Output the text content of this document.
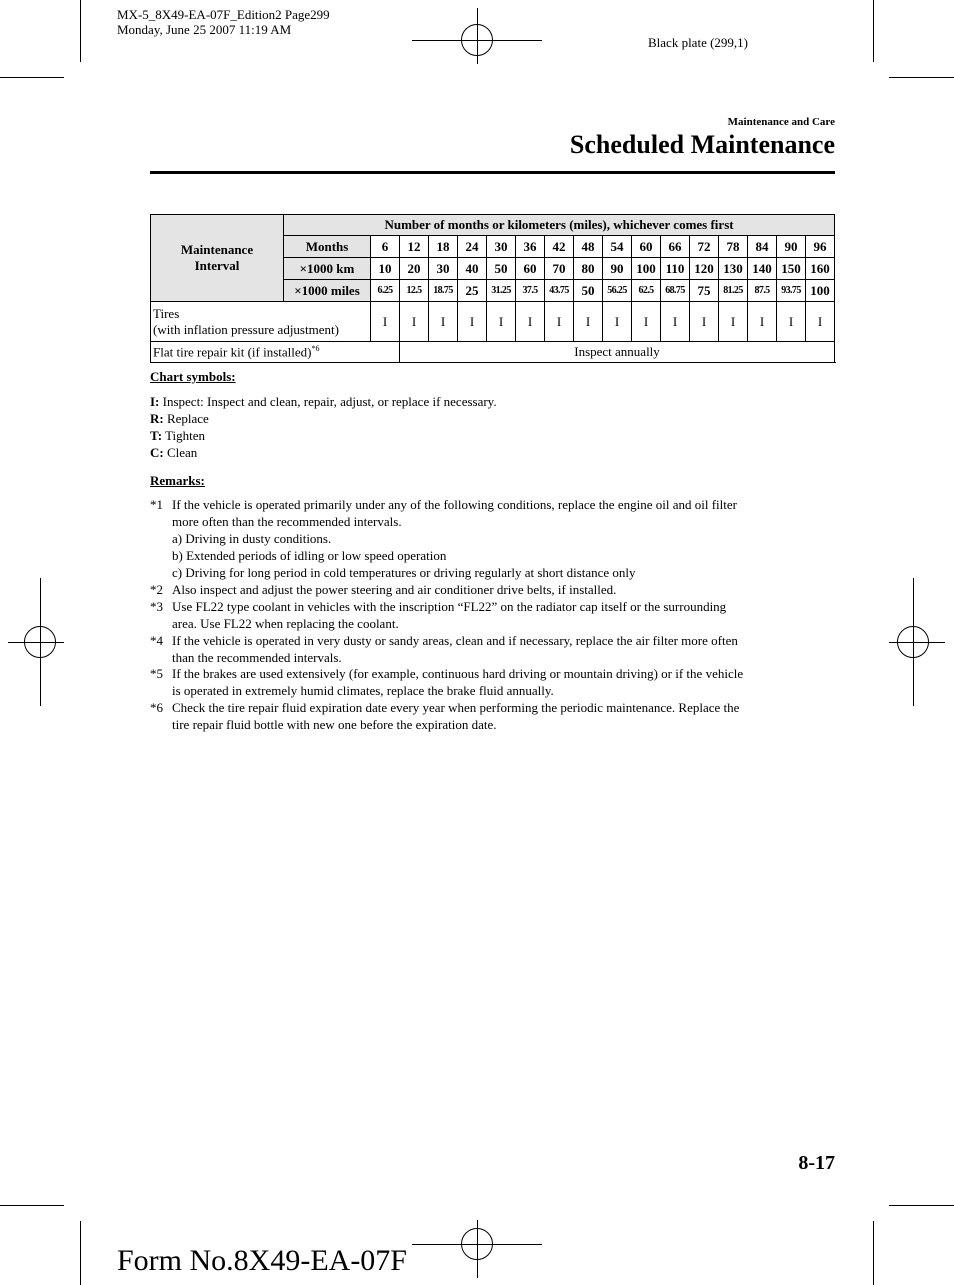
MX-5_8X49-EA-07F_Edition2 Page299
Monday, June 25 2007 11:19 AM
Black plate (299,1)
Maintenance and Care
Scheduled Maintenance
Maintenance Interval	Number of months or kilometers (miles), whichever comes first																
	Months	6	12	18	24	30	36	42	48	54	60	66	72	78	84	90	96
	×1000 km	10	20	30	40	50	60	70	80	90	100	110	120	130	140	150	160
	×1000 miles	6.25	12.5	18.75	25	31.25	37.5	43.75	50	56.25	62.5	68.75	75	81.25	87.5	93.75	100

Tires
(with inflation pressure adjustment)		I	I	I	I	I	I	I	I	I	I	I	I	I	I	I	I
Flat tire repair kit (if installed)$^{*6}$			Inspect annually														
Chart symbols:
I: Inspect: Inspect and clean, repair, adjust, or replace if necessary.
R: Replace
T: Tighten
C: Clean
Remarks:
*1 If the vehicle is operated primarily under any of the following conditions, replace the engine oil and oil filter
more often than the recommended intervals.
a) Driving in dusty conditions.
b) Extended periods of idling or low speed operation
c) Driving for long period in cold temperatures or driving regularly at short distance only
*2 Also inspect and adjust the power steering and air conditioner drive belts, if installed.
*3 Use FL22 type coolant in vehicles with the inscription “FL22” on the radiator cap itself or the surrounding
area. Use FL22 when replacing the coolant.
*4 If the vehicle is operated in very dusty or sandy areas, clean and if necessary, replace the air filter more often
than the recommended intervals.
*5 If the brakes are used extensively (for example, continuous hard driving or mountain driving) or if the vehicle
is operated in extremely humid climates, replace the brake fluid annually.
*6 Check the tire repair fluid expiration date every year when performing the periodic maintenance. Replace the
tire repair fluid bottle with new one before the expiration date.
8-17
Form No.8X49-EA-07F
